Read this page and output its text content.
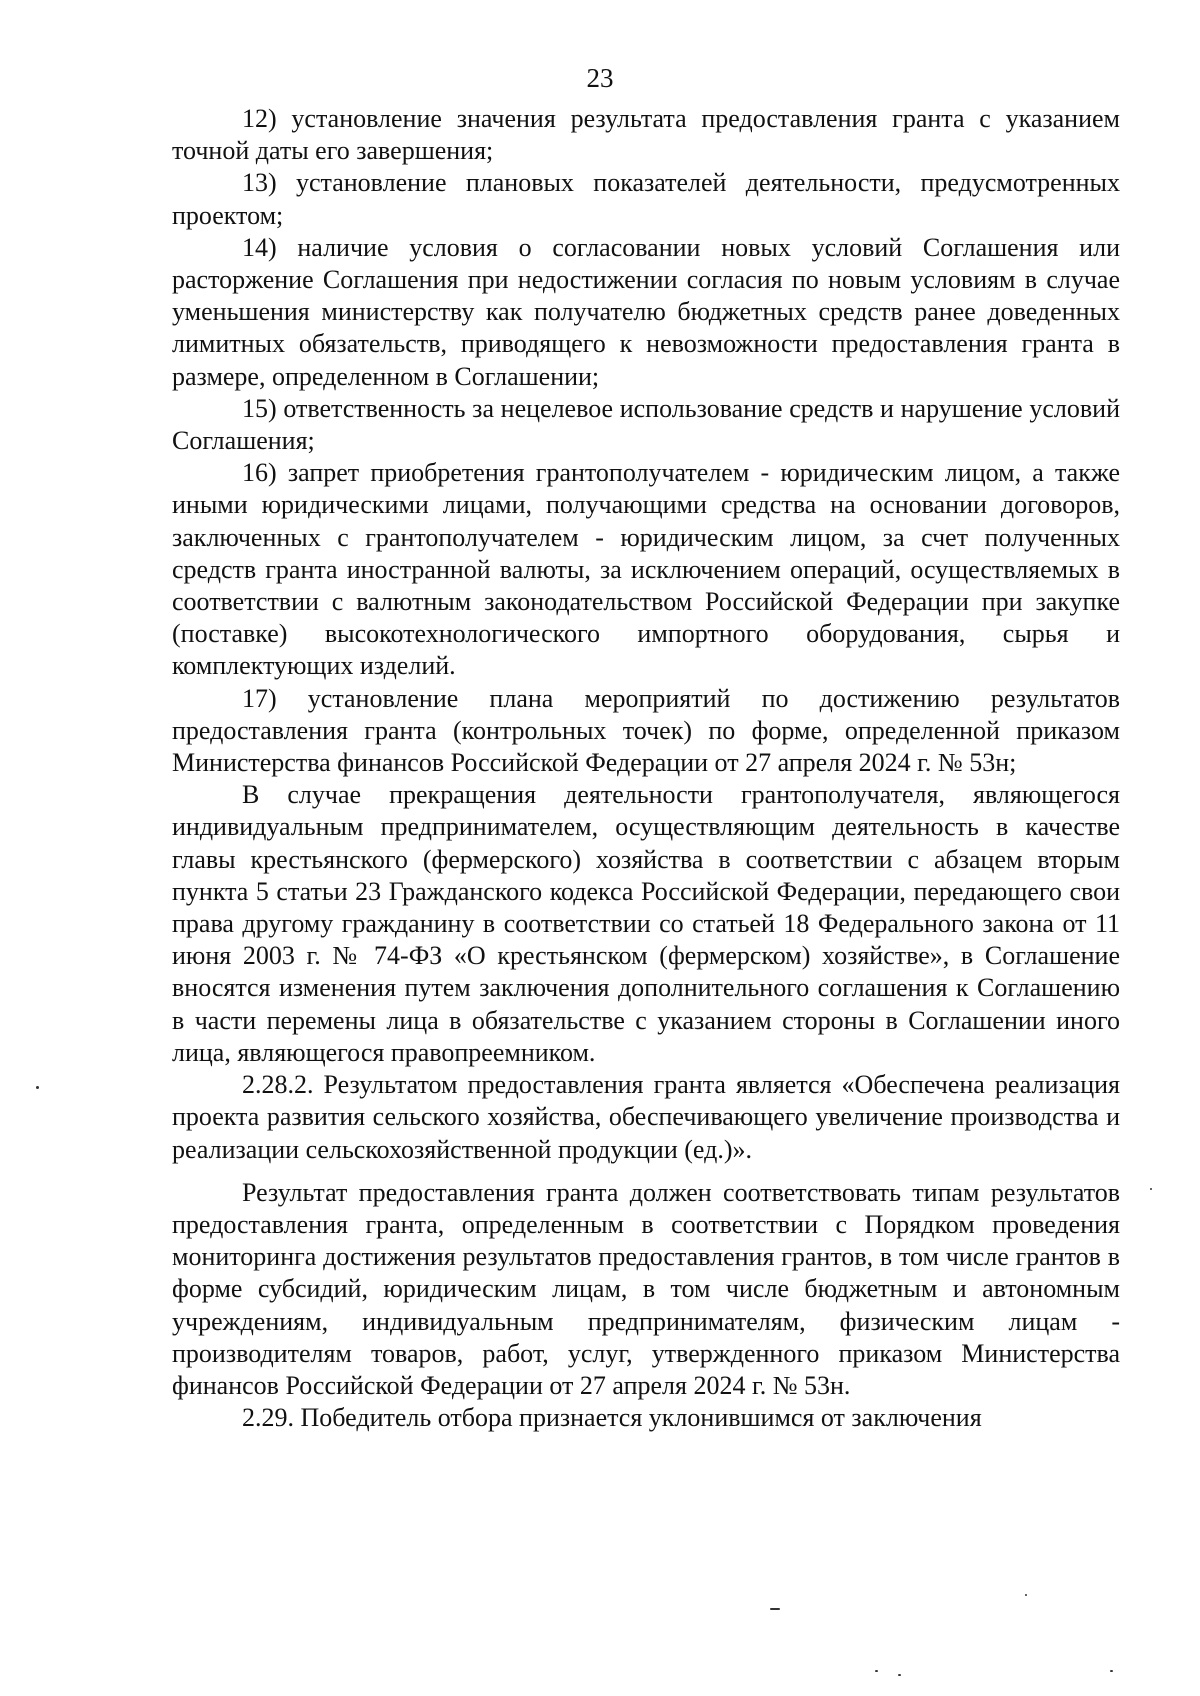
23

12) установление значения результата предоставления гранта с указанием точной даты его завершения;

13) установление плановых показателей деятельности, предусмотренных проектом;

14) наличие условия о согласовании новых условий Соглашения или расторжение Соглашения при недостижении согласия по новым условиям в случае уменьшения министерству как получателю бюджетных средств ранее доведенных лимитных обязательств, приводящего к невозможности предоставления гранта в размере, определенном в Соглашении;

15) ответственность за нецелевое использование средств и нарушение условий Соглашения;

16) запрет приобретения грантополучателем - юридическим лицом, а также иными юридическими лицами, получающими средства на основании договоров, заключенных с грантополучателем - юридическим лицом, за счет полученных средств гранта иностранной валюты, за исключением операций, осуществляемых в соответствии с валютным законодательством Российской Федерации при закупке (поставке) высокотехнологического импортного оборудования, сырья и комплектующих изделий.

17) установление плана мероприятий по достижению результатов предоставления гранта (контрольных точек) по форме, определенной приказом Министерства финансов Российской Федерации от 27 апреля 2024 г. № 53н;

В случае прекращения деятельности грантополучателя, являющегося индивидуальным предпринимателем, осуществляющим деятельность в качестве главы крестьянского (фермерского) хозяйства в соответствии с абзацем вторым пункта 5 статьи 23 Гражданского кодекса Российской Федерации, передающего свои права другому гражданину в соответствии со статьей 18 Федерального закона от 11 июня 2003 г. № 74-ФЗ «О крестьянском (фермерском) хозяйстве», в Соглашение вносятся изменения путем заключения дополнительного соглашения к Соглашению в части перемены лица в обязательстве с указанием стороны в Соглашении иного лица, являющегося правопреемником.

2.28.2. Результатом предоставления гранта является «Обеспечена реализация проекта развития сельского хозяйства, обеспечивающего увеличение производства и реализации сельскохозяйственной продукции (ед.)».

Результат предоставления гранта должен соответствовать типам результатов предоставления гранта, определенным в соответствии с Порядком проведения мониторинга достижения результатов предоставления грантов, в том числе грантов в форме субсидий, юридическим лицам, в том числе бюджетным и автономным учреждениям, индивидуальным предпринимателям, физическим лицам - производителям товаров, работ, услуг, утвержденного приказом Министерства финансов Российской Федерации от 27 апреля 2024 г. № 53н.

2.29. Победитель отбора признается уклонившимся от заключения
